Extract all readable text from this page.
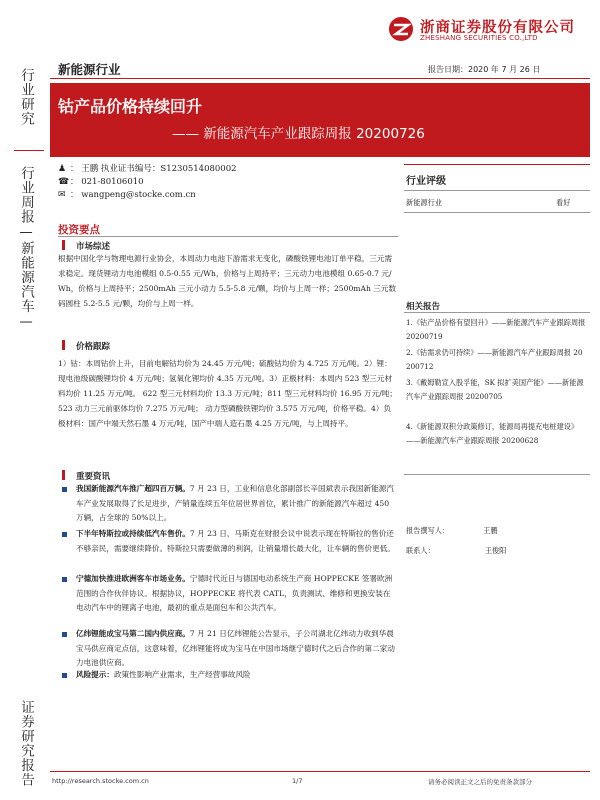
浙商证券股份有限公司
ZHESHANG SECURITIES CO.,LTD
行业研究
行业周报—新能源汽车—
证券研究报告
新能源行业	报告日期：2020 年 7 月 26 日
钴产品价格持续回升
—— 新能源汽车产业跟踪周报 20200726
♟ ： 王鹏 执业证书编号：S1230514080002
☎： 021-80106010
✉ ： wangpeng@stocke.com.cn
投资要点
市场综述
根据中国化学与物理电源行业协会，本周动力电池下游需求无变化，磷酸铁锂电池订单平稳，三元需求稳定。现货锂动力电池模组 0.5-0.55 元/Wh，价格与上周持平；三元动力电池模组 0.65-0.7 元/Wh，价格与上周持平；2500mAh 三元小动力 5.5-5.8 元/颗，均价与上周一样；2500mAh 三元数码圆柱 5.2-5.5 元/颗，均价与上周一样。
价格跟踪
1）钴：本周钴价上升，目前电解钴均价为 24.45 万元/吨；硫酸钴均价为 4.725 万元/吨。2）锂：现电池级碳酸锂均价 4 万元/吨；氢氧化锂均价 4.35 万元/吨。3）正极材料：本周内 523 型三元材料均价 11.25 万元/吨。 622 型三元材料均价 13.3 万元/吨；811 型三元材料均价 16.95 万元/吨；523 动力三元前驱体均价 7.275 万元/吨； 动力型磷酸铁锂均价 3.575 万元/吨，价格平稳。4）负极材料：国产中端天然石墨 4 万元/吨，国产中端人造石墨 4.25 万元/吨，与上周持平。
重要资讯
我国新能源汽车推广超四百万辆。7 月 23 日，工业和信息化部副部长辛国斌表示我国新能源汽车产业发展取得了长足进步，产销量连续五年位居世界首位，累计推广的新能源汽车超过 450 万辆，占全球的 50%以上。
下半年特斯拉或持续低汽车售价。7 月 23 日，马斯克在财报会议中说表示现在特斯拉的售价还不够亲民，需要继续降价。特斯拉只需要做薄的利润，让销量增长最大化，让车辆的售价更低。
宁德加快推进欧洲客车市场业务。宁德时代近日与德国电动系统生产商 HOPPECKE 签署欧洲范围的合作伙伴协议。根据协议，HOPPECKE 将代表 CATL，负责测试、维修和更换安装在电动汽车中的锂离子电池，最初的重点是面包车和公共汽车。
亿纬锂能成宝马第二国内供应商。7 月 21 日亿纬锂能公告显示，子公司湖北亿纬动力收到华晨宝马供应商定点信，这意味着，亿纬锂能将成为宝马在中国市场继宁德时代之后合作的第二家动力电池供应商。
风险提示：政策性影响产业需求，生产经营事故风险
行业评级
新能源行业	看好
相关报告
1.《钴产品价格有望回升》——新能源汽车产业跟踪周报 20200719
2.《钴需求仍可持续》——新能源汽车产业跟踪周报 20200712
3.《戴姆勒宣入股孚能，SK 拟扩美国产能》——新能源汽车产业跟踪周报 20200705
4.《新能源双积分政策修订，能源局再提充电桩建设》——新能源汽车产业跟踪周报 20200628
报告撰写人：	王鹏
联系人：	王俊阳
http://research.stocke.com.cn	1/7	请务必阅读正文之后的免责条款部分
